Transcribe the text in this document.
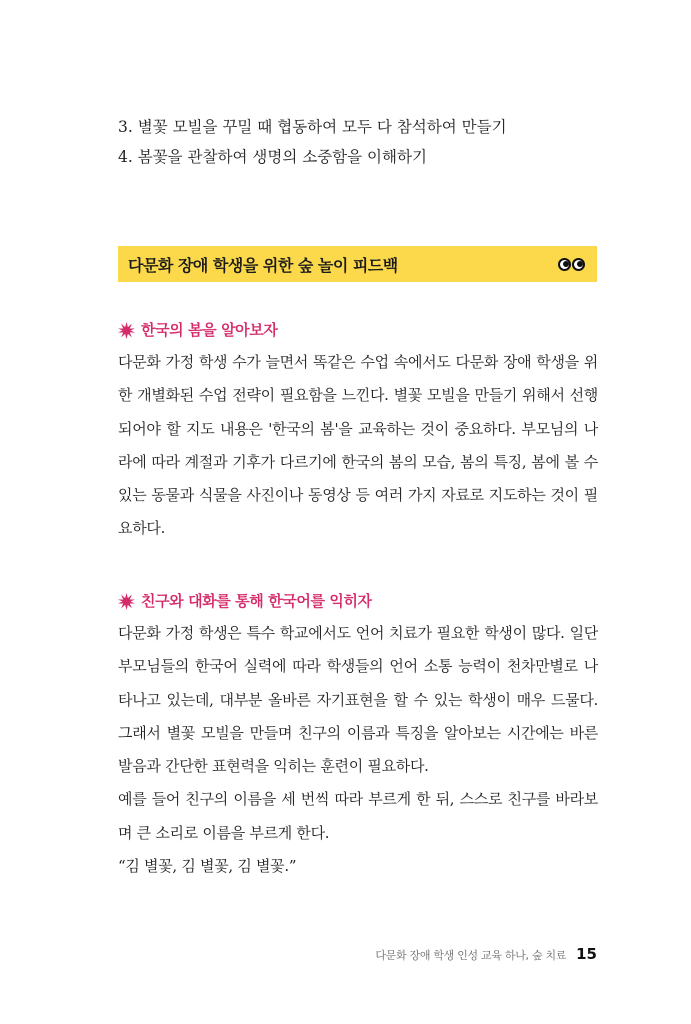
3. 별꽃 모빌을 꾸밀 때 협동하여 모두 다 참석하여 만들기

4. 봄꽃을 관찰하여 생명의 소중함을 이해하기

다문화 장애 학생을 위한 숲 놀이 피드백
한국의 봄을 알아보자

다문화 가정 학생 수가 늘면서 똑같은 수업 속에서도 다문화 장애 학생을 위한 개별화된 수업 전략이 필요함을 느낀다. 별꽃 모빌을 만들기 위해서 선행되어야 할 지도 내용은 '한국의 봄'을 교육하는 것이 중요하다. 부모님의 나라에 따라 계절과 기후가 다르기에 한국의 봄의 모습, 봄의 특징, 봄에 볼 수 있는 동물과 식물을 사진이나 동영상 등 여러 가지 자료로 지도하는 것이 필요하다.

친구와 대화를 통해 한국어를 익히자

다문화 가정 학생은 특수 학교에서도 언어 치료가 필요한 학생이 많다. 일단 부모님들의 한국어 실력에 따라 학생들의 언어 소통 능력이 천차만별로 나타나고 있는데, 대부분 올바른 자기표현을 할 수 있는 학생이 매우 드물다. 그래서 별꽃 모빌을 만들며 친구의 이름과 특징을 알아보는 시간에는 바른 발음과 간단한 표현력을 익히는 훈련이 필요하다.

예를 들어 친구의 이름을 세 번씩 따라 부르게 한 뒤, 스스로 친구를 바라보며 큰 소리로 이름을 부르게 한다.

“김 별꽃, 김 별꽃, 김 별꽃.”

다문화 장애 학생 인성 교육 하나, 숲 치료 15
